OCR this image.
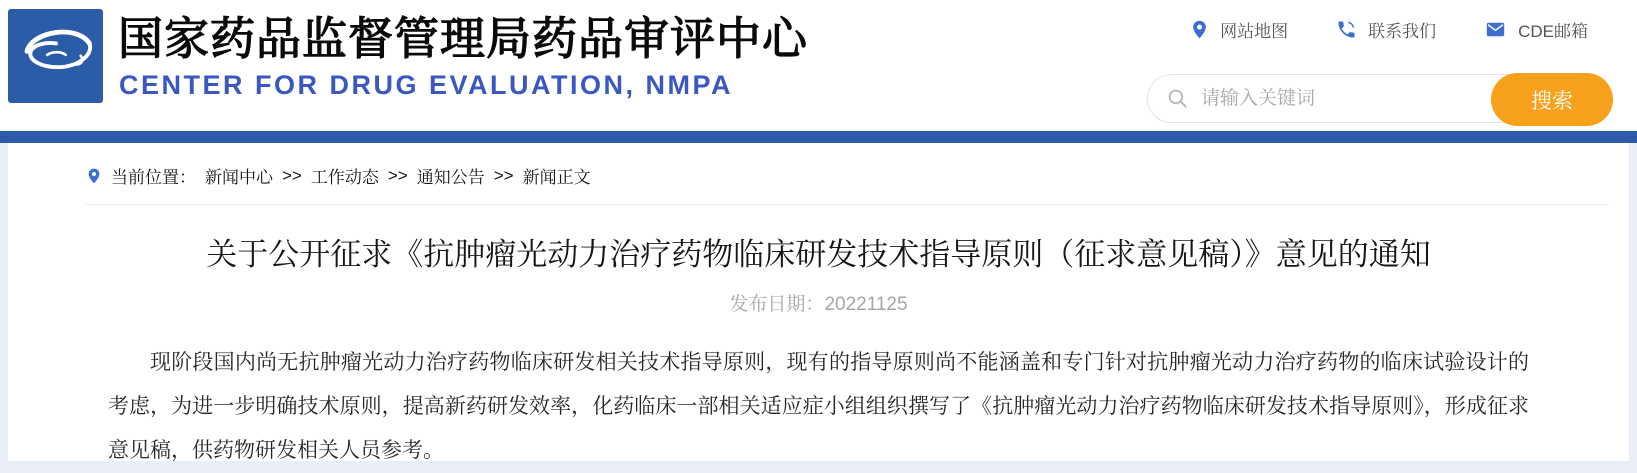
国家药品监督管理局药品审评中心
CENTER FOR DRUG EVALUATION, NMPA
网站地图	联系我们	CDE邮箱
请输入关键词
搜索
当前位置： 新闻中心 >> 工作动态 >> 通知公告 >> 新闻正文
关于公开征求《抗肿瘤光动力治疗药物临床研发技术指导原则（征求意见稿）》意见的通知
发布日期：20221125

现阶段国内尚无抗肿瘤光动力治疗药物临床研发相关技术指导原则，现有的指导原则尚不能涵盖和专门针对抗肿瘤光动力治疗药物的临床试验设计的考虑，为进一步明确技术原则，提高新药研发效率，化药临床一部相关适应症小组组织撰写了《抗肿瘤光动力治疗药物临床研发技术指导原则》，形成征求意见稿，供药物研发相关人员参考。
